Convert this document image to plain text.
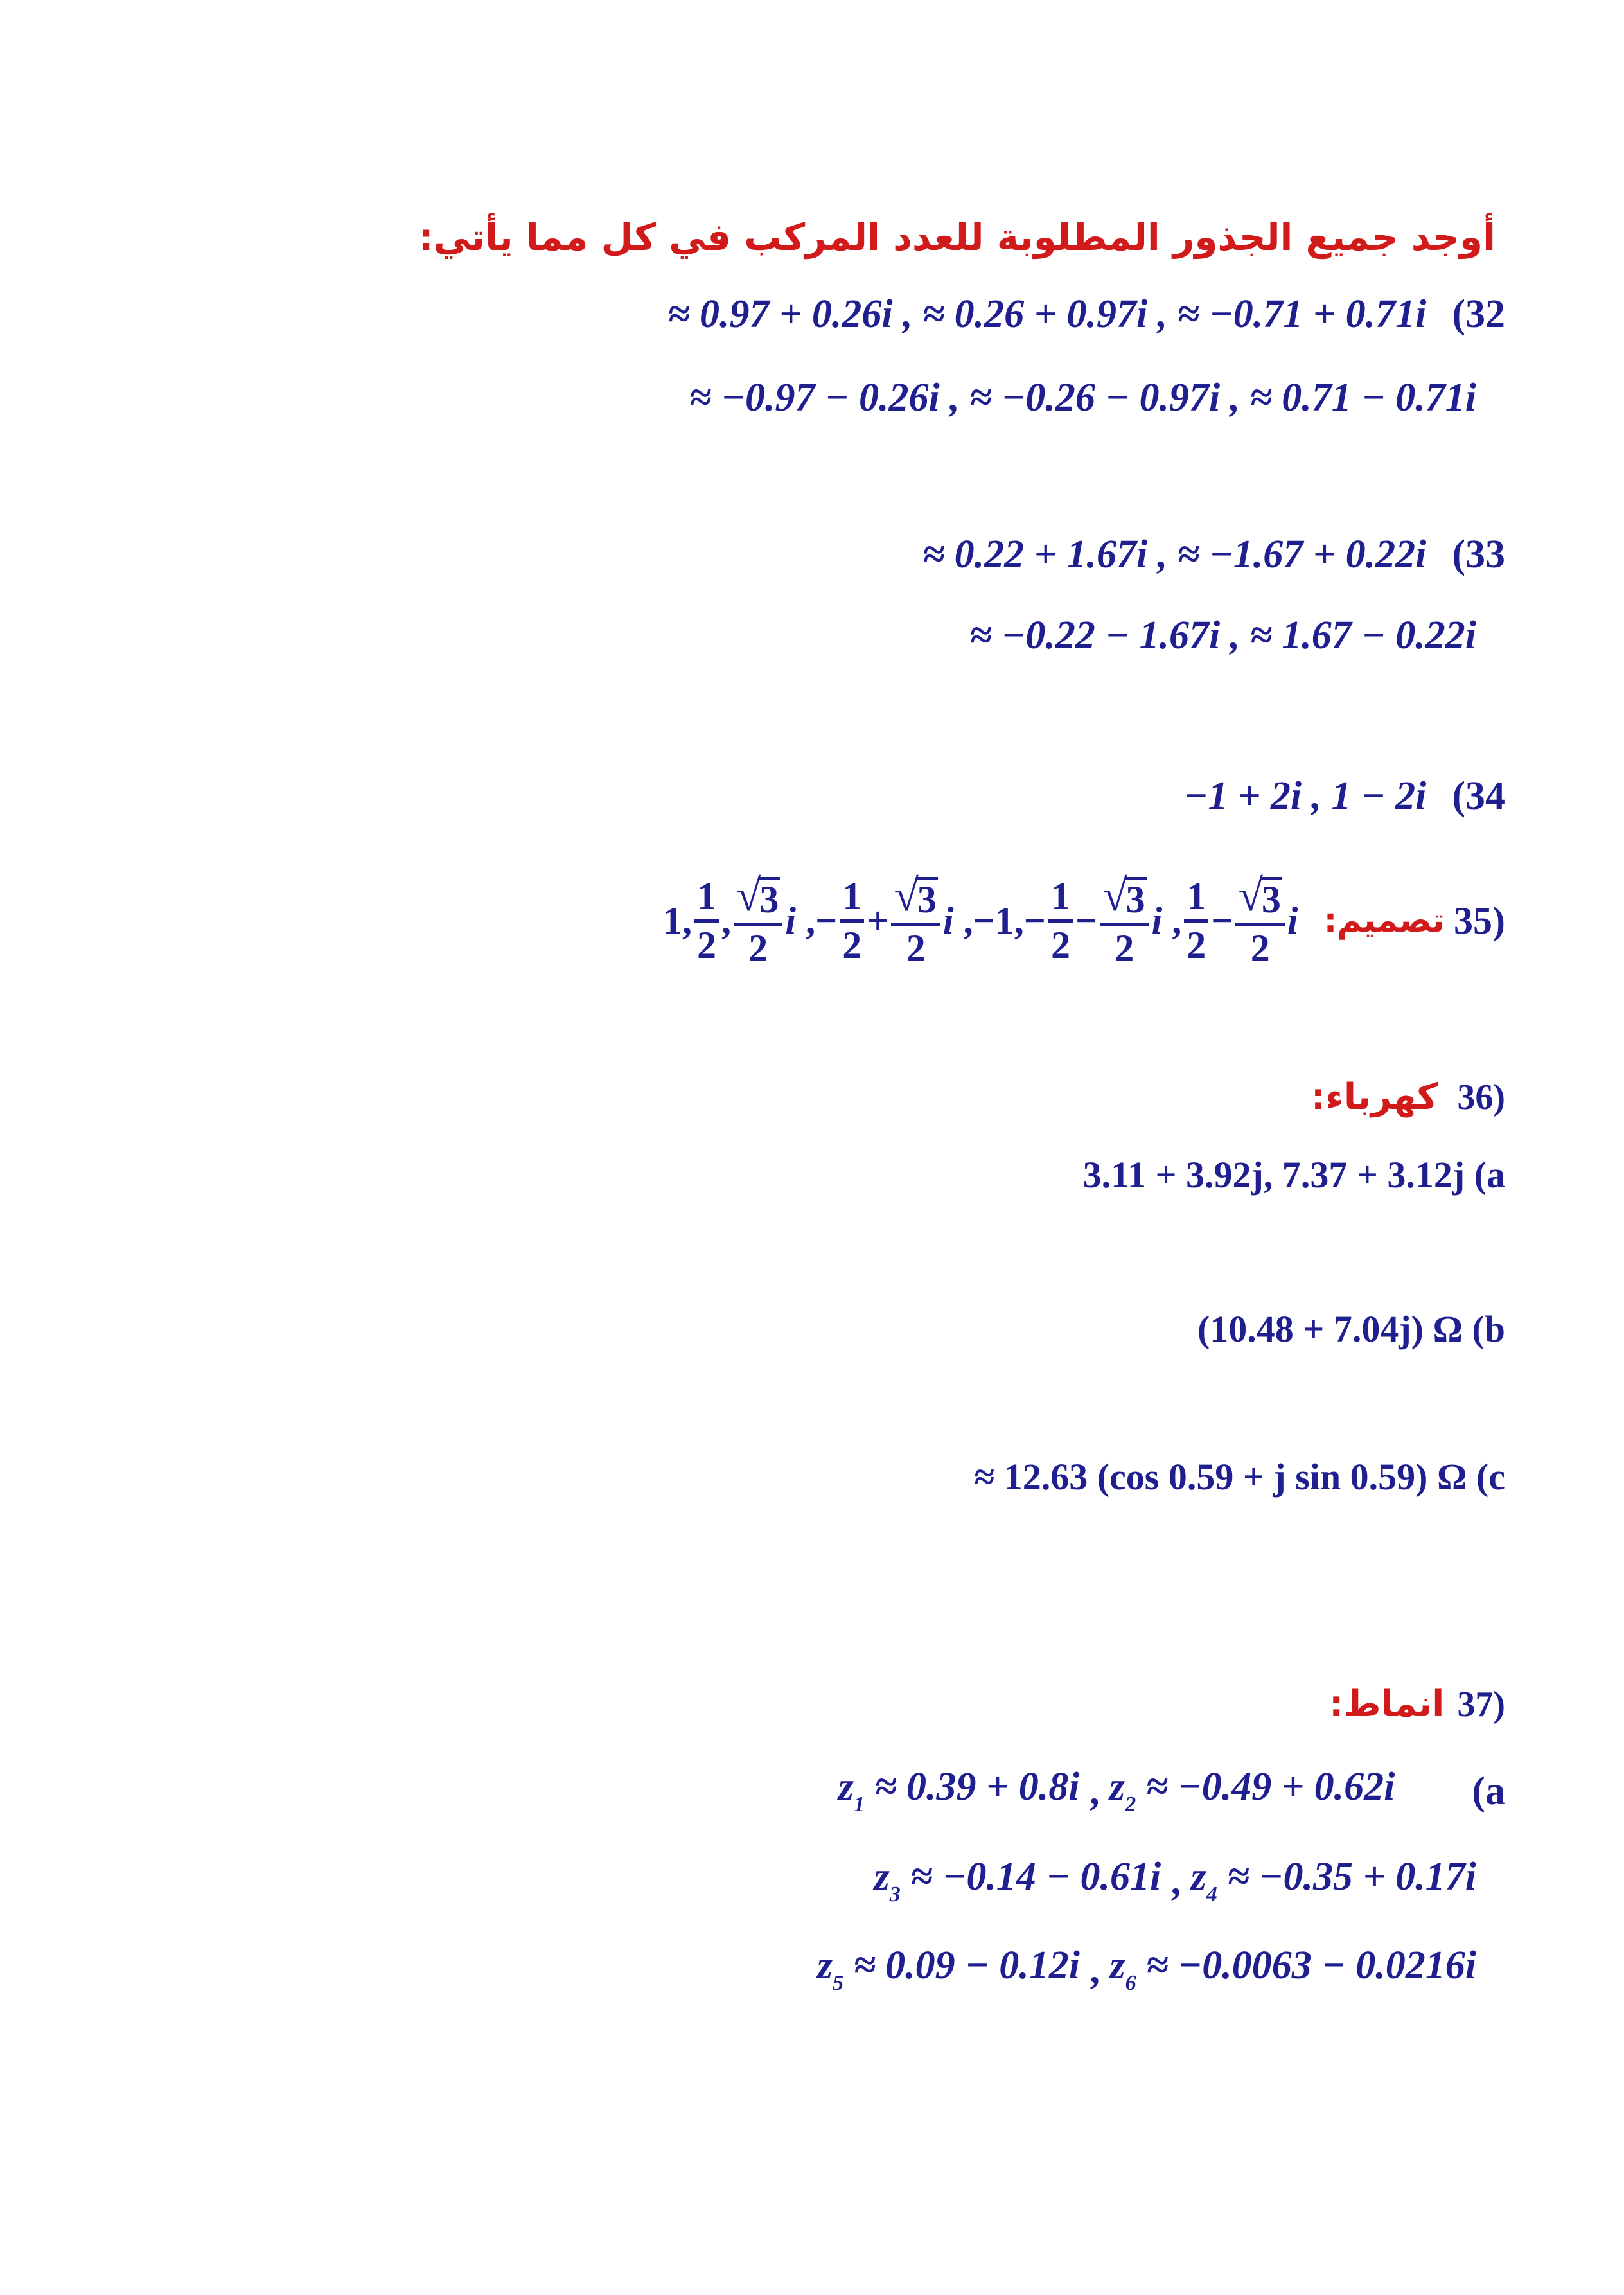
أوجد جميع الجذور المطلوبة للعدد المركب في كل مما يأتي:
≈ 0.97 + 0.26i , ≈ 0.26 + 0.97i , ≈ −0.71 + 0.71i (32
≈ −0.97 − 0.26i , ≈ −0.26 − 0.97i , ≈ 0.71 − 0.71i
≈ 0.22 + 1.67i , ≈ −1.67 + 0.22i (33
≈ −0.22 − 1.67i , ≈ 1.67 − 0.22i
−1 + 2i , 1 − 2i (34
1 , $\frac{1}{2}$ , √
3
2 i ,− $\frac{1}{2}$ + √
3
2 i , −1 ,− $\frac{1}{2}$ − √
3
2 i , $\frac{1}{2}$ − √
3
2 i تصميم: 35)
كهرباء: 36)
3.11 + 3.92j, 7.37 + 3.12j (a
(10.48 + 7.04j) Ω (b
≈ 12.63 (cos 0.59 + j sin 0.59) Ω (c
انماط: 37)
$z_1 \approx 0.39 + 0.8i$ , $z_2 \approx -0.49 + 0.62i$ (a
$z_3 \approx -0.14 - 0.61i$ , $z_4 \approx -0.35 + 0.17i$
$z_5 \approx 0.09 - 0.12i$ , $z_6 \approx -0.0063 - 0.0216i$
